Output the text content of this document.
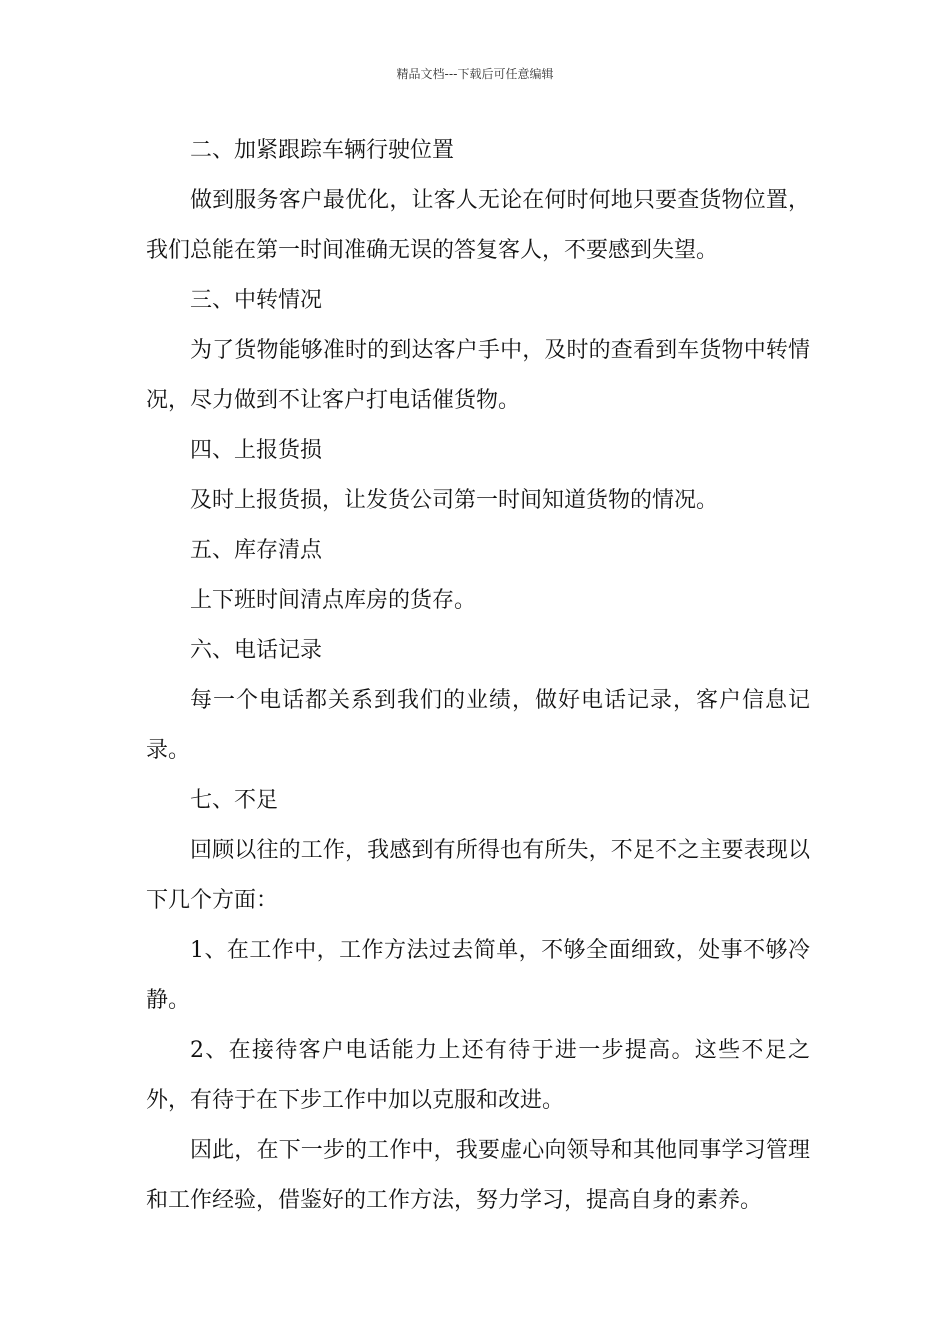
精品文档---下载后可任意编辑

二、加紧跟踪车辆行驶位置

做到服务客户最优化，让客人无论在何时何地只要查货物位置，我们总能在第一时间准确无误的答复客人，不要感到失望。

三、中转情况

为了货物能够准时的到达客户手中，及时的查看到车货物中转情况，尽力做到不让客户打电话催货物。

四、上报货损

及时上报货损，让发货公司第一时间知道货物的情况。

五、库存清点

上下班时间清点库房的货存。

六、电话记录

每一个电话都关系到我们的业绩，做好电话记录，客户信息记录。

七、不足

回顾以往的工作，我感到有所得也有所失，不足不之主要表现以下几个方面：

1、在工作中，工作方法过去简单，不够全面细致，处事不够冷静。

2、在接待客户电话能力上还有待于进一步提高。这些不足之外，有待于在下步工作中加以克服和改进。

因此，在下一步的工作中，我要虚心向领导和其他同事学习管理和工作经验，借鉴好的工作方法，努力学习，提高自身的素养。
